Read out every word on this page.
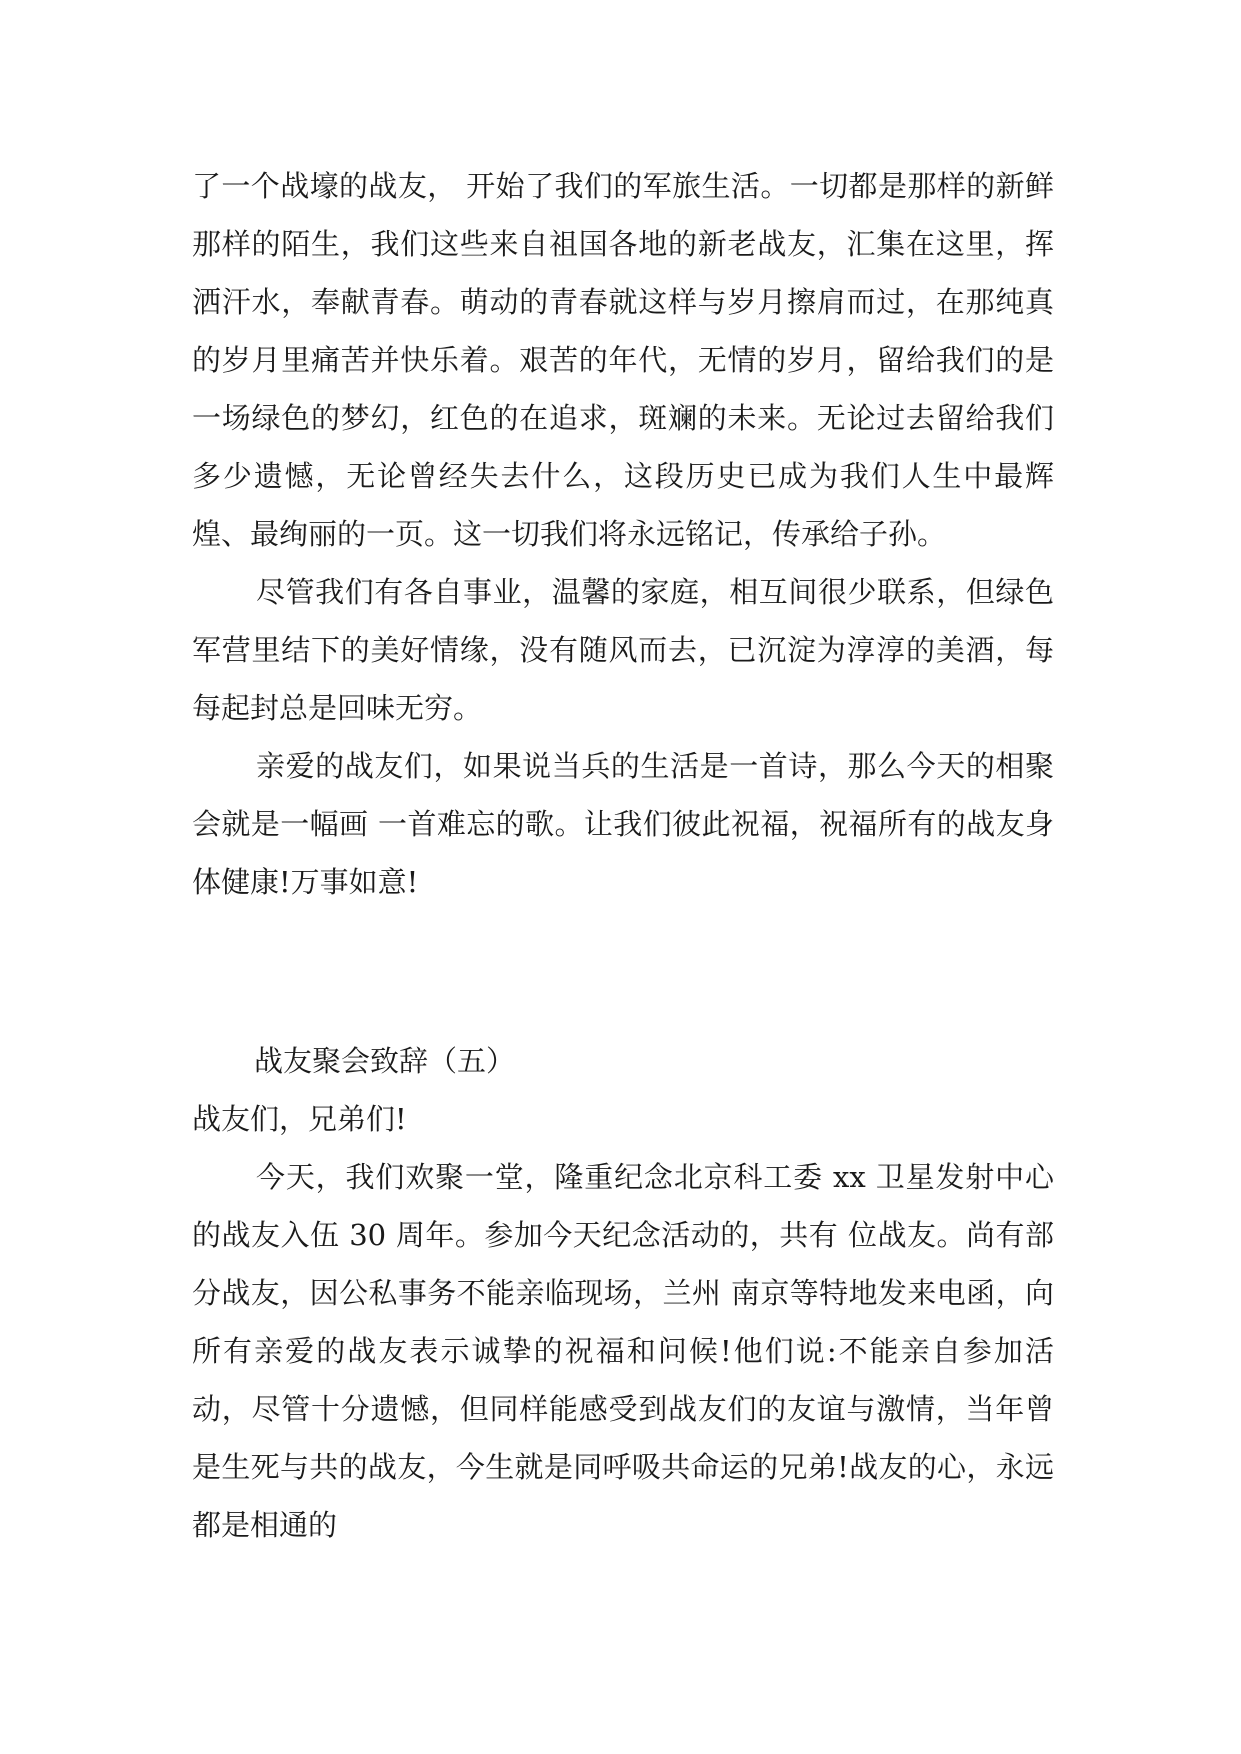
了一个战壕的战友， 开始了我们的军旅生活。一切都是那样的新鲜那样的陌生，我们这些来自祖国各地的新老战友，汇集在这里，挥洒汗水，奉献青春。萌动的青春就这样与岁月擦肩而过，在那纯真的岁月里痛苦并快乐着。艰苦的年代，无情的岁月，留给我们的是一场绿色的梦幻，红色的在追求，斑斓的未来。无论过去留给我们多少遗憾，无论曾经失去什么，这段历史已成为我们人生中最辉煌、最绚丽的一页。这一切我们将永远铭记，传承给子孙。

尽管我们有各自事业，温馨的家庭，相互间很少联系，但绿色军营里结下的美好情缘，没有随风而去，已沉淀为淳淳的美酒，每每起封总是回味无穷。

亲爱的战友们，如果说当兵的生活是一首诗，那么今天的相聚会就是一幅画 一首难忘的歌。让我们彼此祝福，祝福所有的战友身体健康!万事如意!

战友聚会致辞（五）

战友们，兄弟们!

今天，我们欢聚一堂，隆重纪念北京科工委 xx 卫星发射中心的战友入伍 30 周年。参加今天纪念活动的，共有 位战友。尚有部分战友，因公私事务不能亲临现场，兰州 南京等特地发来电函，向所有亲爱的战友表示诚挚的祝福和问候!他们说:不能亲自参加活动，尽管十分遗憾，但同样能感受到战友们的友谊与激情，当年曾是生死与共的战友，今生就是同呼吸共命运的兄弟!战友的心，永远都是相通的
